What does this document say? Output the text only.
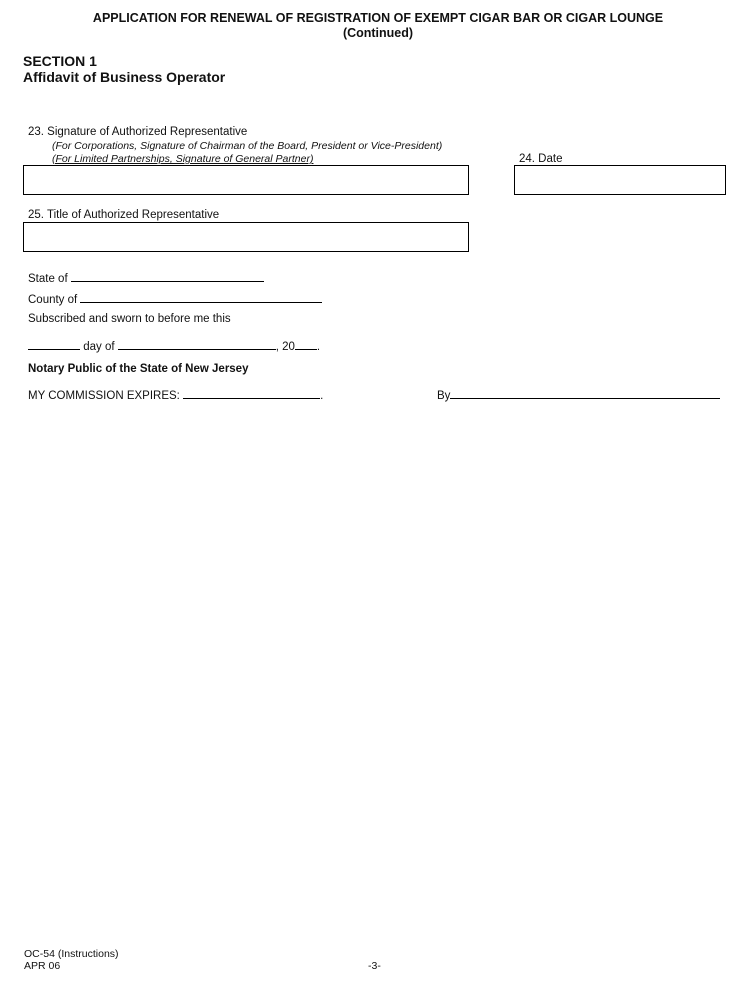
APPLICATION FOR RENEWAL OF REGISTRATION OF EXEMPT CIGAR BAR OR CIGAR LOUNGE
(Continued)
SECTION 1
Affidavit of Business Operator
23. Signature of Authorized Representative
(For Corporations, Signature of Chairman of the Board, President or Vice-President)
(For Limited Partnerships, Signature of General Partner)	24. Date
25. Title of Authorized Representative
State of
County of
Subscribed and sworn to before me this
day of	, 20 .
Notary Public of the State of New Jersey
MY COMMISSION EXPIRES:	.	By
OC-54 (Instructions)
APR 06	-3-
